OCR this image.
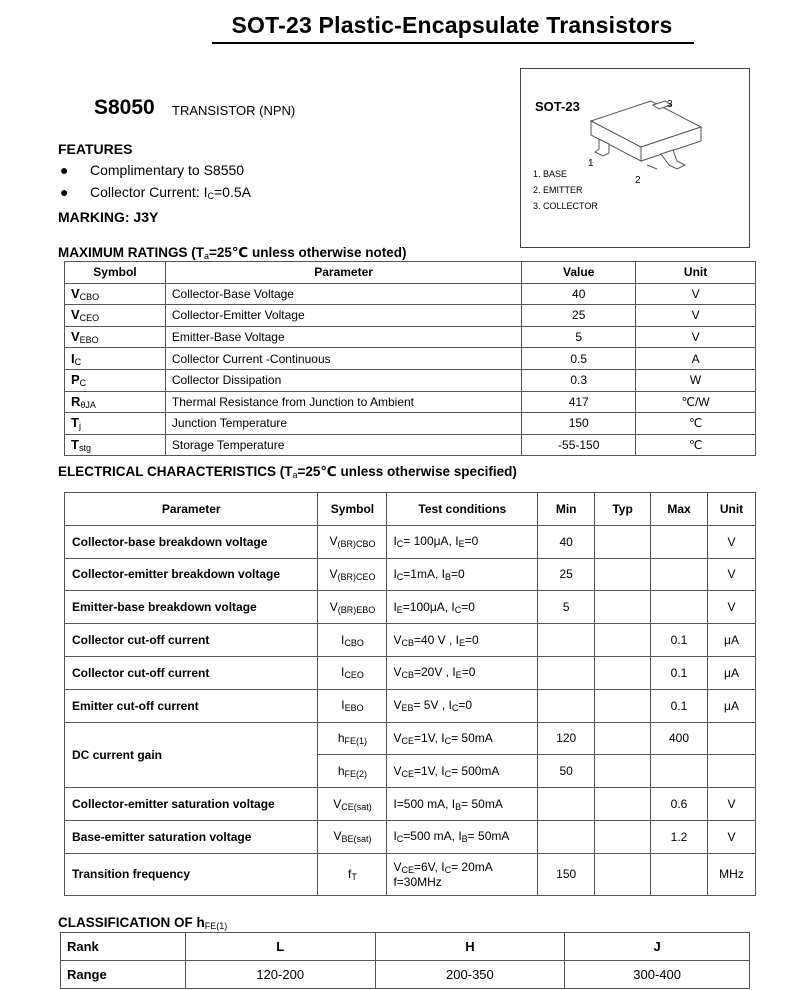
SOT-23 Plastic-Encapsulate Transistors
S8050 TRANSISTOR (NPN)
FEATURES
● Complimentary to S8550
● Collector Current: $I_C=0.5A$
MARKING: J3Y
SOT-23	3
1
2
1. BASE
2. EMITTER
3. COLLECTOR
MAXIMUM RATINGS ($T_a=25℃$ unless otherwise noted)
Symbol	Parameter	Value	Unit
$V_{CBO}$	Collector-Base Voltage	40	V
$V_{CEO}$	Collector-Emitter Voltage	25	V
$V_{EBO}$	Emitter-Base Voltage	5	V
$I_C$	Collector Current -Continuous	0.5	A
$P_C$	Collector Dissipation	0.3	W
$R_{\theta JA}$	Thermal Resistance from Junction to Ambient	417	℃/W
$T_j$	Junction Temperature	150	℃
$T_{stg}$	Storage Temperature	-55-150	℃
ELECTRICAL CHARACTERISTICS ($T_a=25℃$ unless otherwise specified)
Parameter	Symbol	Test conditions	Min	Typ	Max	Unit
Collector-base breakdown voltage	$V_{(BR)CBO}$	$I_C= 100\mu A$, $I_E=0$	40			V
Collector-emitter breakdown voltage	$V_{(BR)CEO}$	$I_C=1mA$, $I_B=0$	25			V
Emitter-base breakdown voltage	$V_{(BR)EBO}$	$I_E=100\mu A$, $I_C=0$	5			V
Collector cut-off current	$I_{CBO}$	$V_{CB}=40$ V , $I_E=0$			0.1	μA
Collector cut-off current	$I_{CEO}$	$V_{CB}=20V$ , $I_E=0$			0.1	μA
Emitter cut-off current	$I_{EBO}$	$V_{EB}= 5V$ , $I_C=0$			0.1	μA
DC current gain	$h_{FE(1)}$	$V_{CE}=1V$, $I_C= 50mA$	120		400	
	$h_{FE(2)}$	$V_{CE}=1V$, $I_C= 500mA$	50			
Collector-emitter saturation voltage	$V_{CE(sat)}$	I=500 mA, $I_B= 50mA$			0.6	V
Base-emitter saturation voltage	$V_{BE(sat)}$	$I_C=500$ mA, $I_B= 50mA$			1.2	V
Transition frequency	$f_T$	$V_{CE}=6V$, $I_C= 20mA$
f=30MHz	150			MHz
CLASSIFICATION OF $h_{FE(1)}$
Rank	L	H	J
Range	120-200	200-350	300-400
